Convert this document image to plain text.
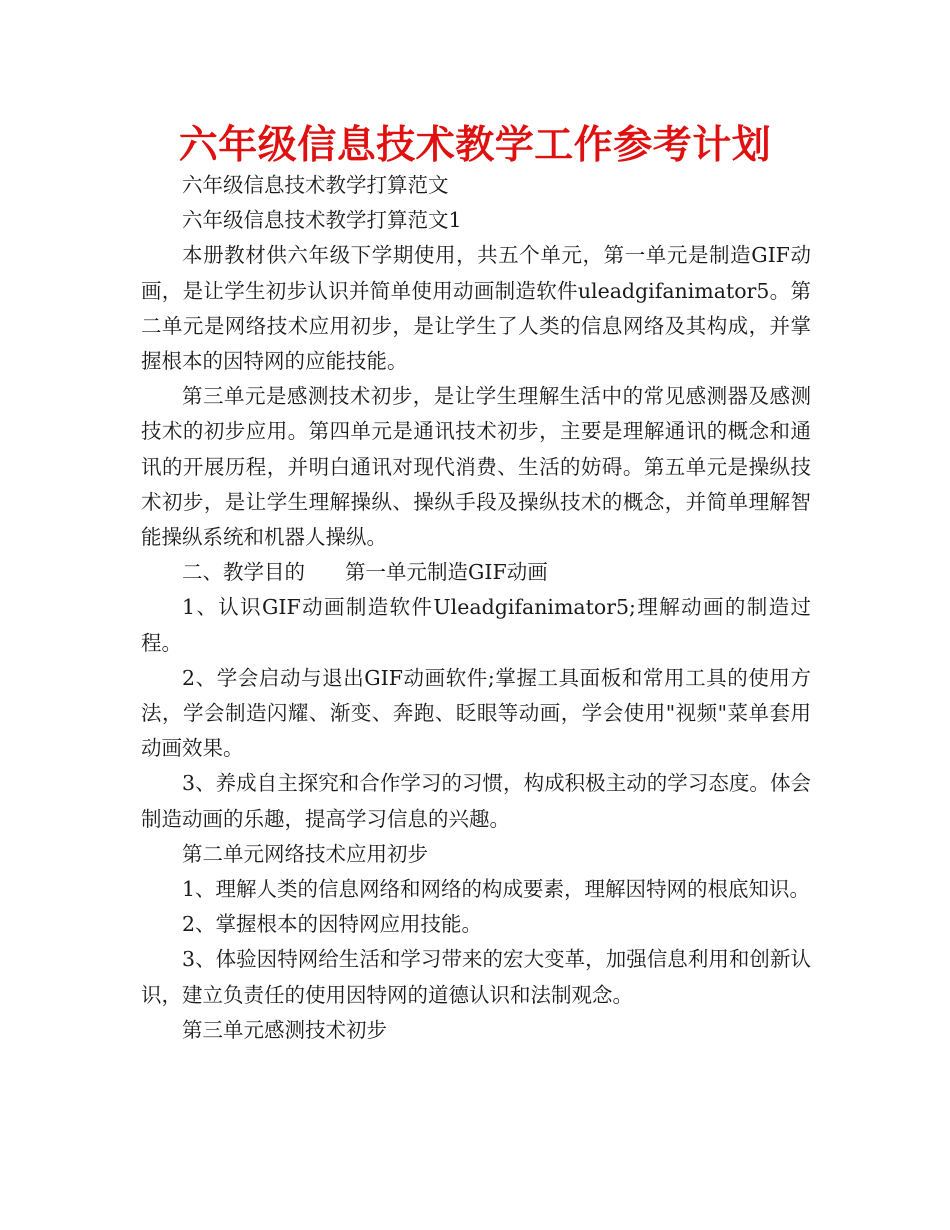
六年级信息技术教学工作参考计划

六年级信息技术教学打算范文

六年级信息技术教学打算范文1

本册教材供六年级下学期使用，共五个单元，第一单元是制造GIF动画，是让学生初步认识并简单使用动画制造软件uleadgifanimator5。第二单元是网络技术应用初步，是让学生了人类的信息网络及其构成，并掌握根本的因特网的应能技能。

第三单元是感测技术初步，是让学生理解生活中的常见感测器及感测技术的初步应用。第四单元是通讯技术初步，主要是理解通讯的概念和通讯的开展历程，并明白通讯对现代消费、生活的妨碍。第五单元是操纵技术初步，是让学生理解操纵、操纵手段及操纵技术的概念，并简单理解智能操纵系统和机器人操纵。

二、教学目的 第一单元制造GIF动画

1、认识GIF动画制造软件Uleadgifanimator5;理解动画的制造过程。

2、学会启动与退出GIF动画软件;掌握工具面板和常用工具的使用方法，学会制造闪耀、渐变、奔跑、眨眼等动画，学会使用"视频"菜单套用动画效果。

3、养成自主探究和合作学习的习惯，构成积极主动的学习态度。体会制造动画的乐趣，提高学习信息的兴趣。

第二单元网络技术应用初步

1、理解人类的信息网络和网络的构成要素，理解因特网的根底知识。

2、掌握根本的因特网应用技能。

3、体验因特网给生活和学习带来的宏大变革，加强信息利用和创新认识，建立负责任的使用因特网的道德认识和法制观念。

第三单元感测技术初步
